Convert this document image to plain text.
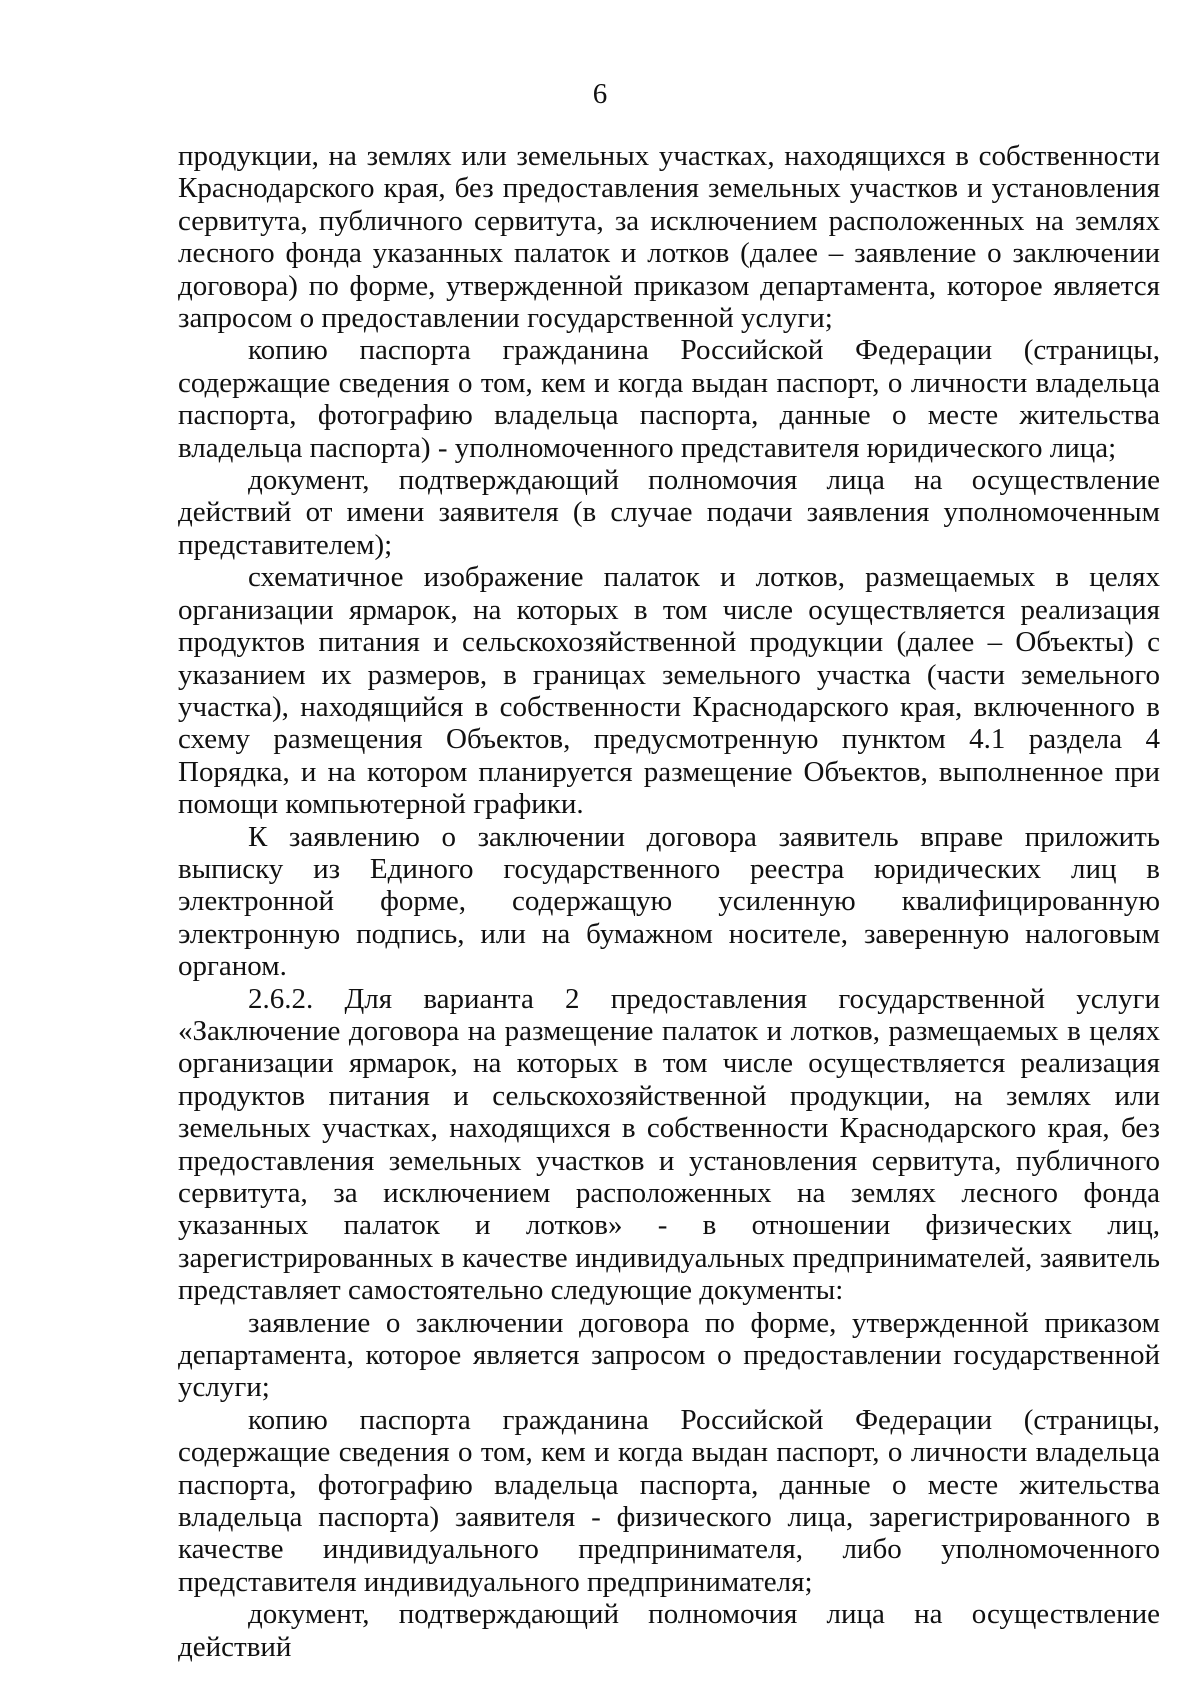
6

продукции, на землях или земельных участках, находящихся в собственности Краснодарского края, без предоставления земельных участков и установления сервитута, публичного сервитута, за исключением расположенных на землях лесного фонда указанных палаток и лотков (далее – заявление о заключении договора) по форме, утвержденной приказом департамента, которое является запросом о предоставлении государственной услуги;

копию паспорта гражданина Российской Федерации (страницы, содержащие сведения о том, кем и когда выдан паспорт, о личности владельца паспорта, фотографию владельца паспорта, данные о месте жительства владельца паспорта) - уполномоченного представителя юридического лица;

документ, подтверждающий полномочия лица на осуществление действий от имени заявителя (в случае подачи заявления уполномоченным представителем);

схематичное изображение палаток и лотков, размещаемых в целях организации ярмарок, на которых в том числе осуществляется реализация продуктов питания и сельскохозяйственной продукции (далее – Объекты) с указанием их размеров, в границах земельного участка (части земельного участка), находящийся в собственности Краснодарского края, включенного в схему размещения Объектов, предусмотренную пунктом 4.1 раздела 4 Порядка, и на котором планируется размещение Объектов, выполненное при помощи компьютерной графики.

К заявлению о заключении договора заявитель вправе приложить выписку из Единого государственного реестра юридических лиц в электронной форме, содержащую усиленную квалифицированную электронную подпись, или на бумажном носителе, заверенную налоговым органом.

2.6.2. Для варианта 2 предоставления государственной услуги «Заключение договора на размещение палаток и лотков, размещаемых в целях организации ярмарок, на которых в том числе осуществляется реализация продуктов питания и сельскохозяйственной продукции, на землях или земельных участках, находящихся в собственности Краснодарского края, без предоставления земельных участков и установления сервитута, публичного сервитута, за исключением расположенных на землях лесного фонда указанных палаток и лотков» - в отношении физических лиц, зарегистрированных в качестве индивидуальных предпринимателей, заявитель представляет самостоятельно следующие документы:

заявление о заключении договора по форме, утвержденной приказом департамента, которое является запросом о предоставлении государственной услуги;

копию паспорта гражданина Российской Федерации (страницы, содержащие сведения о том, кем и когда выдан паспорт, о личности владельца паспорта, фотографию владельца паспорта, данные о месте жительства владельца паспорта) заявителя - физического лица, зарегистрированного в качестве индивидуального предпринимателя, либо уполномоченного представителя индивидуального предпринимателя;

документ, подтверждающий полномочия лица на осуществление действий
